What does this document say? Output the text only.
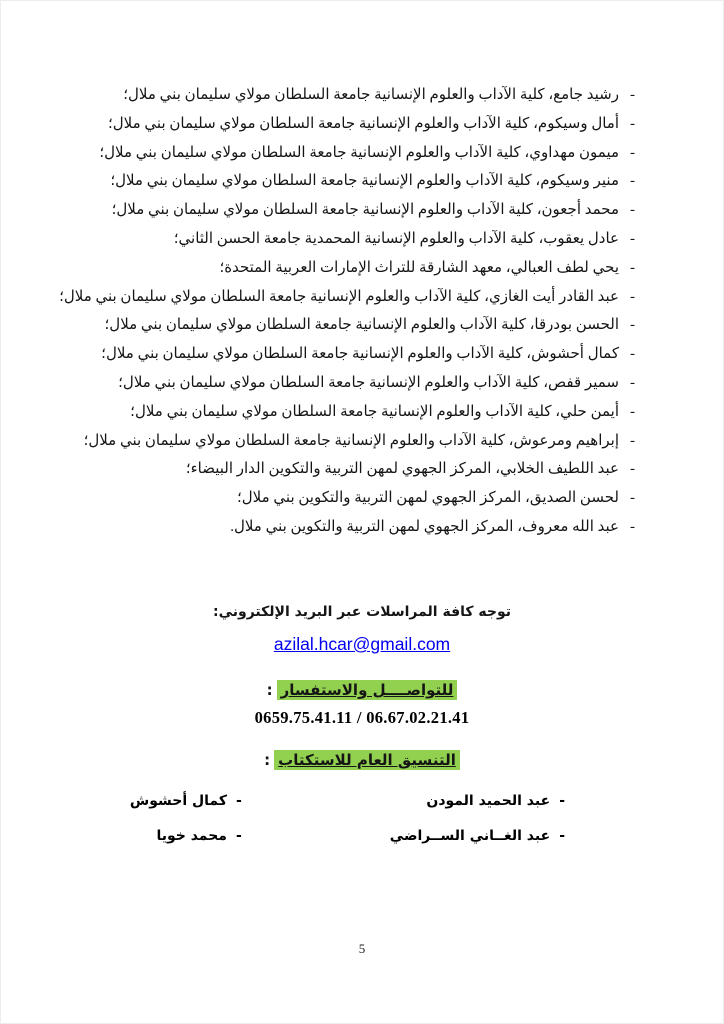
-
رشيد جامع، كلية الآداب والعلوم الإنسانية جامعة السلطان مولاي سليمان بني ملال؛
-
أمال وسيكوم، كلية الآداب والعلوم الإنسانية جامعة السلطان مولاي سليمان بني ملال؛
-
ميمون مهداوي، كلية الآداب والعلوم الإنسانية جامعة السلطان مولاي سليمان بني ملال؛
-
منير وسيكوم، كلية الآداب والعلوم الإنسانية جامعة السلطان مولاي سليمان بني ملال؛
-
محمد أجعون، كلية الآداب والعلوم الإنسانية جامعة السلطان مولاي سليمان بني ملال؛
-
عادل يعقوب، كلية الآداب والعلوم الإنسانية المحمدية جامعة الحسن الثاني؛
-
يحي لطف العبالي، معهد الشارقة للتراث الإمارات العربية المتحدة؛
-
عبد القادر أيت الغازي، كلية الآداب والعلوم الإنسانية جامعة السلطان مولاي سليمان بني ملال؛
-
الحسن بودرقا، كلية الآداب والعلوم الإنسانية جامعة السلطان مولاي سليمان بني ملال؛
-
كمال أحشوش، كلية الآداب والعلوم الإنسانية جامعة السلطان مولاي سليمان بني ملال؛
-
سمير قفص، كلية الآداب والعلوم الإنسانية جامعة السلطان مولاي سليمان بني ملال؛
-
أيمن حلي، كلية الآداب والعلوم الإنسانية جامعة السلطان مولاي سليمان بني ملال؛
-
إبراهيم ومرعوش، كلية الآداب والعلوم الإنسانية جامعة السلطان مولاي سليمان بني ملال؛
-
عبد اللطيف الخلابي، المركز الجهوي لمهن التربية والتكوين الدار البيضاء؛
-
لحسن الصديق، المركز الجهوي لمهن التربية والتكوين بني ملال؛
-
عبد الله معروف، المركز الجهوي لمهن التربية والتكوين بني ملال.
توجه كافة المراسلات عبر البريد الإلكتروني:
azilal.hcar@gmail.com
للتواصــــل والاستفسار:
0659.75.41.11 / 06.67.02.21.41
التنسيق العام للاستكتاب:
-
عبد الحميد المودن
-
عبد الغــاني الســراضي
-
كمال أحشوش
-
محمد خويا
5
